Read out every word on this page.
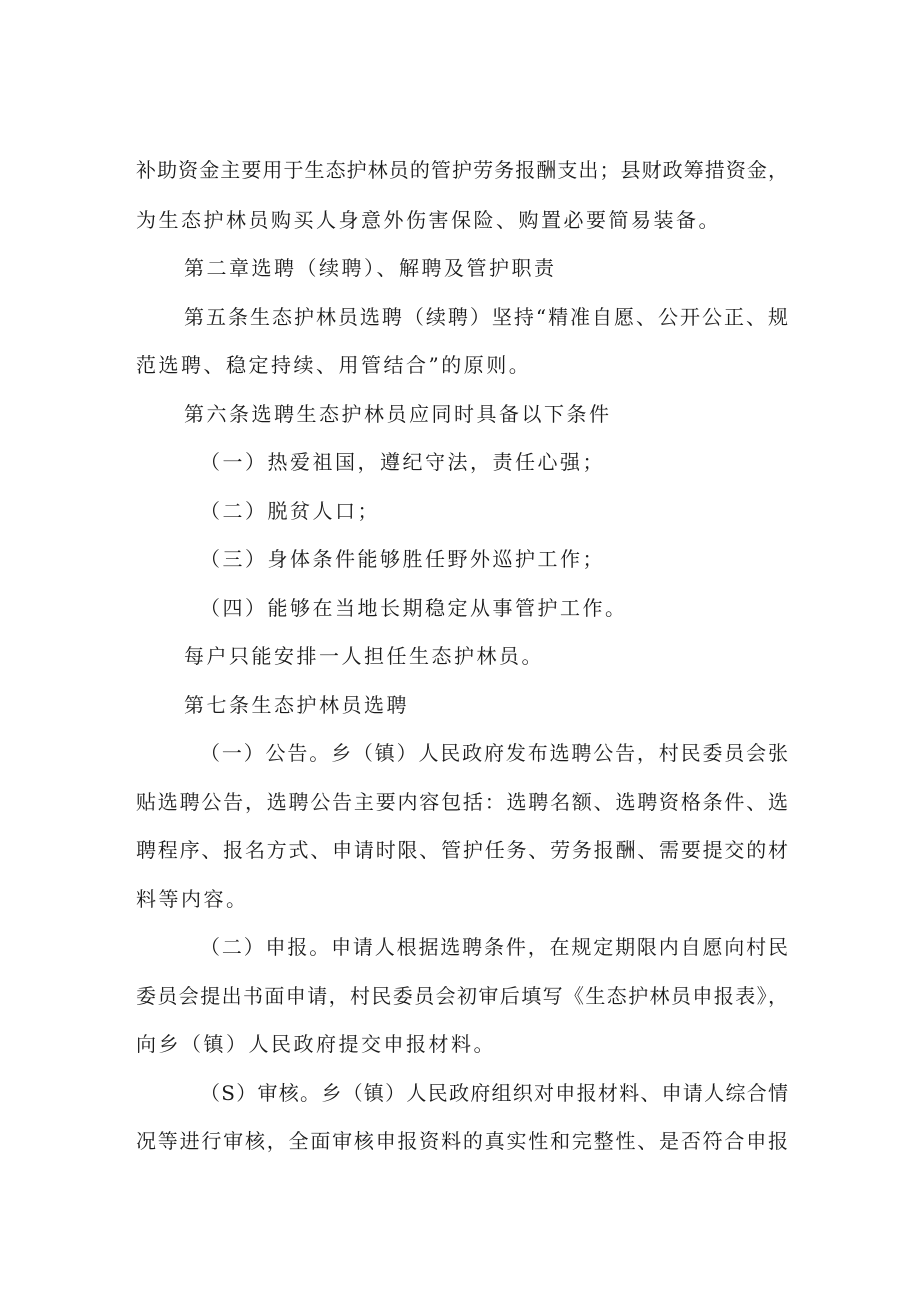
补助资金主要用于生态护林员的管护劳务报酬支出；县财政筹措资金，
为生态护林员购买人身意外伤害保险、购置必要简易装备。
第二章选聘（续聘）、解聘及管护职责
第五条生态护林员选聘（续聘）坚持“精准自愿、公开公正、规
范选聘、稳定持续、用管结合”的原则。
第六条选聘生态护林员应同时具备以下条件
（一）热爱祖国，遵纪守法，责任心强；
（二）脱贫人口；
（三）身体条件能够胜任野外巡护工作；
（四）能够在当地长期稳定从事管护工作。
每户只能安排一人担任生态护林员。
第七条生态护林员选聘
（一）公告。乡（镇）人民政府发布选聘公告，村民委员会张
贴选聘公告，选聘公告主要内容包括：选聘名额、选聘资格条件、选
聘程序、报名方式、申请时限、管护任务、劳务报酬、需要提交的材
料等内容。
（二）申报。申请人根据选聘条件，在规定期限内自愿向村民
委员会提出书面申请，村民委员会初审后填写《生态护林员申报表》，
向乡（镇）人民政府提交申报材料。
（S）审核。乡（镇）人民政府组织对申报材料、申请人综合情
况等进行审核，全面审核申报资料的真实性和完整性、是否符合申报
